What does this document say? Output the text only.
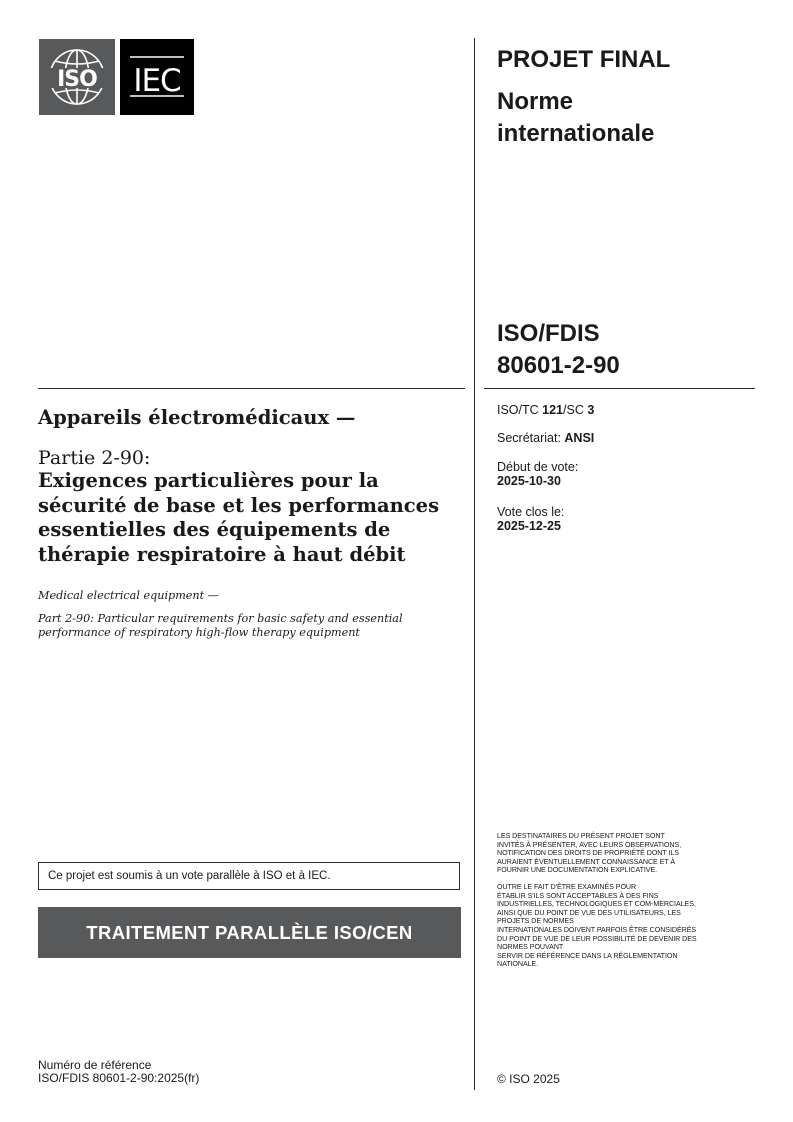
ISO IEC
PROJET FINAL
Norme
internationale
ISO/FDIS
80601-2-90
ISO/TC 121/SC 3
Secrétariat: ANSI
Début de vote:
2025-10-30
Vote clos le:
2025-12-25
Appareils électromédicaux —
Partie 2-90:
Exigences particulières pour la
sécurité de base et les performances
essentielles des équipements de
thérapie respiratoire à haut débit
Medical electrical equipment —
Part 2-90: Particular requirements for basic safety and essential
performance of respiratory high-flow therapy equipment
Ce projet est soumis à un vote parallèle à ISO et à IEC.
TRAITEMENT PARALLÈLE ISO/CEN
LES DESTINATAIRES DU PRÉSENT PROJET SONT
INVITÉS À PRÉSENTER, AVEC LEURS OBSERVATIONS,
NOTIFICATION DES DROITS DE PROPRIÉTÉ DONT ILS
AURAIENT ÉVENTUELLEMENT CONNAISSANCE ET À
FOURNIR UNE DOCUMENTATION EXPLICATIVE.
OUTRE LE FAIT D'ÊTRE EXAMINÉS POUR
ÉTABLIR S'ILS SONT ACCEPTABLES À DES FINS
INDUSTRIELLES, TECHNOLOGIQUES ET COM-MERCIALES,
AINSI QUE DU POINT DE VUE DES UTILISATEURS, LES
PROJETS DE NORMES
INTERNATIONALES DOIVENT PARFOIS ÊTRE CONSIDÉRÉS
DU POINT DE VUE DE LEUR POSSIBILITÉ DE DEVENIR DES
NORMES POUVANT
SERVIR DE RÉFÉRENCE DANS LA RÉGLEMENTATION
NATIONALE.
Numéro de référence
ISO/FDIS 80601-2-90:2025(fr)	© ISO 2025
